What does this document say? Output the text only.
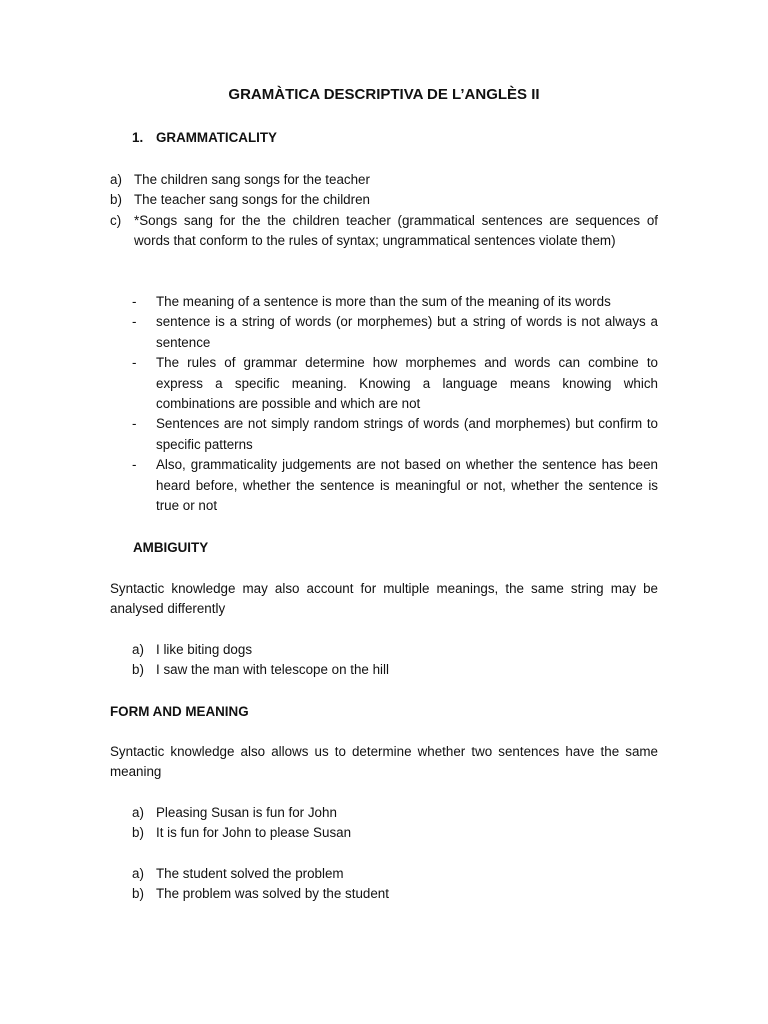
GRAMÀTICA DESCRIPTIVA DE L’ANGLÈS II
1. GRAMMATICALITY
a) The children sang songs for the teacher
b) The teacher sang songs for the children
c) *Songs sang for the the children teacher (grammatical sentences are sequences of words that conform to the rules of syntax; ungrammatical sentences violate them)
-	The meaning of a sentence is more than the sum of the meaning of its words
-	sentence is a string of words (or morphemes) but a string of words is not always a sentence
-	The rules of grammar determine how morphemes and words can combine to express a specific meaning. Knowing a language means knowing which combinations are possible and which are not
-	Sentences are not simply random strings of words (and morphemes) but confirm to specific patterns
-	Also, grammaticality judgements are not based on whether the sentence has been heard before, whether the sentence is meaningful or not, whether the sentence is true or not
AMBIGUITY
Syntactic knowledge may also account for multiple meanings, the same string may be analysed differently
a) I like biting dogs
b) I saw the man with telescope on the hill
FORM AND MEANING
Syntactic knowledge also allows us to determine whether two sentences have the same meaning
a) Pleasing Susan is fun for John
b) It is fun for John to please Susan
a) The student solved the problem
b) The problem was solved by the student
